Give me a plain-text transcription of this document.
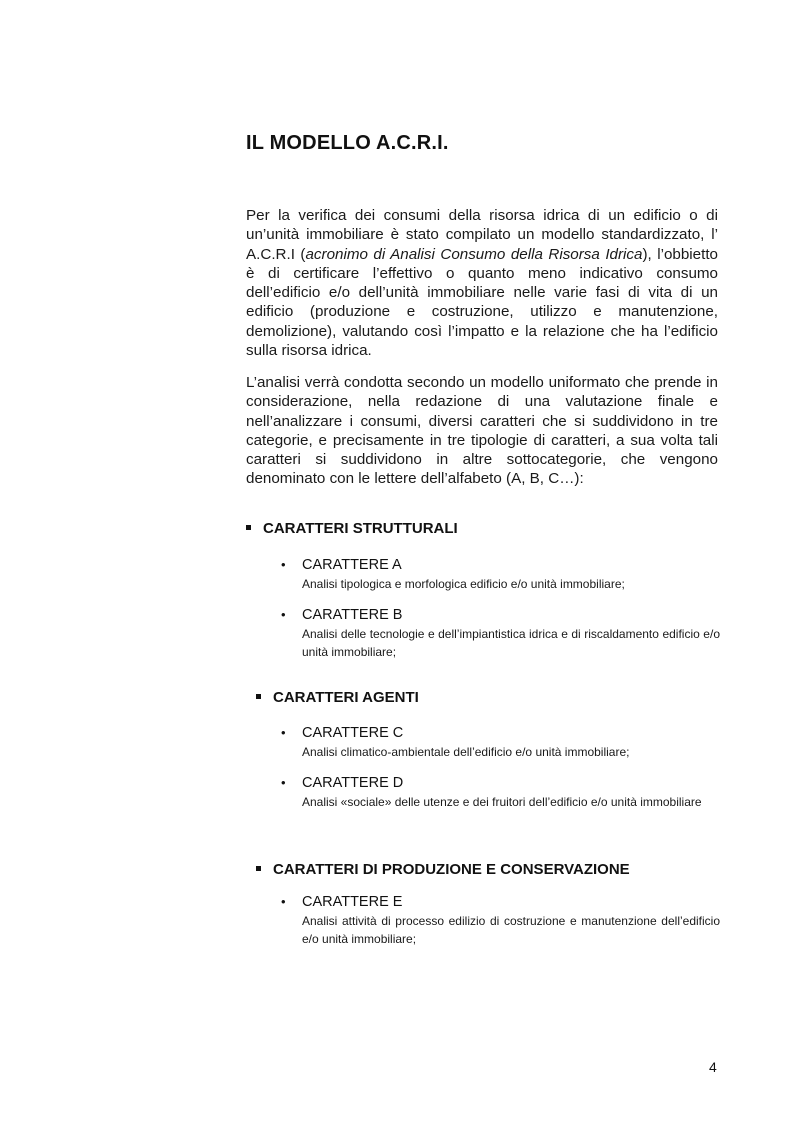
IL MODELLO A.C.R.I.

Per la verifica dei consumi della risorsa idrica di un edificio o di un’unità immobiliare è stato compilato un modello standardizzato, l’ A.C.R.I (acronimo di Analisi Consumo della Risorsa Idrica), l’obbietto è di certificare l’effettivo o quanto meno indicativo consumo dell’edificio e/o dell’unità immobiliare nelle varie fasi di vita di un edificio (produzione e costruzione, utilizzo e manutenzione, demolizione), valutando così l’impatto e la relazione che ha l’edificio sulla risorsa idrica.

L’analisi verrà condotta secondo un modello uniformato che prende in considerazione, nella redazione di una valutazione finale e nell’analizzare i consumi, diversi caratteri che si suddividono in tre categorie, e precisamente in tre tipologie di caratteri, a sua volta tali caratteri si suddividono in altre sottocategorie, che vengono denominato con le lettere dell’alfabeto (A, B, C…):

CARATTERI STRUTTURALI
• CARATTERE A

Analisi tipologica e morfologica edificio e/o unità immobiliare;

• CARATTERE B

Analisi delle tecnologie e dell’impiantistica idrica e di riscaldamento edificio e/o unità immobiliare;

CARATTERI AGENTI
• CARATTERE C

Analisi climatico-ambientale dell’edificio e/o unità immobiliare;

• CARATTERE D

Analisi «sociale» delle utenze e dei fruitori dell’edificio e/o unità immobiliare

CARATTERI DI PRODUZIONE E CONSERVAZIONE
• CARATTERE E

Analisi attività di processo edilizio di costruzione e manutenzione dell’edificio e/o unità immobiliare;

4
